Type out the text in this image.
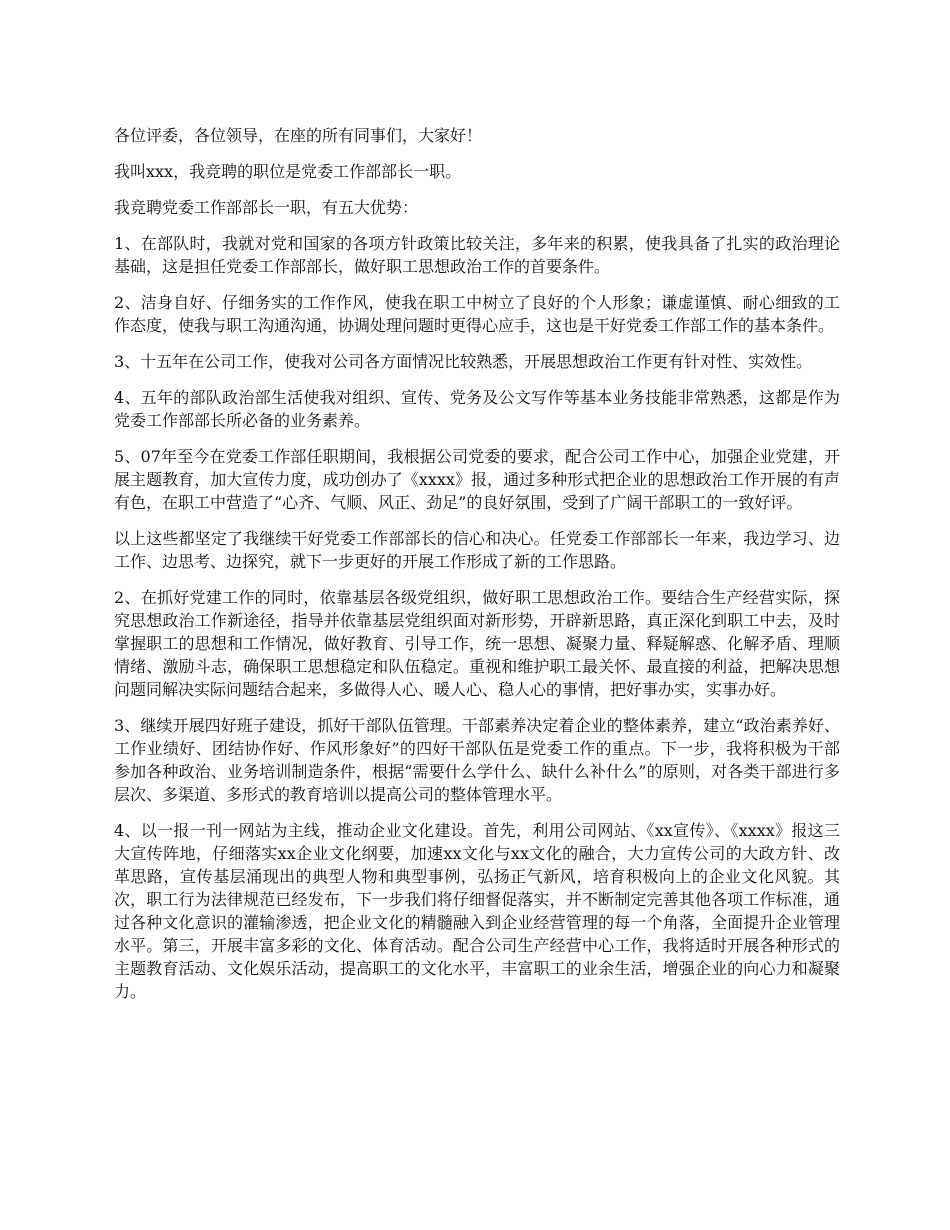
各位评委，各位领导，在座的所有同事们，大家好！

我叫xxx，我竞聘的职位是党委工作部部长一职。

我竞聘党委工作部部长一职，有五大优势：

1、在部队时，我就对党和国家的各项方针政策比较关注，多年来的积累，使我具备了扎实的政治理论基础，这是担任党委工作部部长，做好职工思想政治工作的首要条件。

2、洁身自好、仔细务实的工作作风，使我在职工中树立了良好的个人形象；谦虚谨慎、耐心细致的工作态度，使我与职工沟通沟通，协调处理问题时更得心应手，这也是干好党委工作部工作的基本条件。

3、十五年在公司工作，使我对公司各方面情况比较熟悉，开展思想政治工作更有针对性、实效性。

4、五年的部队政治部生活使我对组织、宣传、党务及公文写作等基本业务技能非常熟悉，这都是作为党委工作部部长所必备的业务素养。

5、07年至今在党委工作部任职期间，我根据公司党委的要求，配合公司工作中心，加强企业党建，开展主题教育，加大宣传力度，成功创办了《xxxx》报，通过多种形式把企业的思想政治工作开展的有声有色，在职工中营造了“心齐、气顺、风正、劲足”的良好氛围，受到了广阔干部职工的一致好评。

以上这些都坚定了我继续干好党委工作部部长的信心和决心。任党委工作部部长一年来，我边学习、边工作、边思考、边探究，就下一步更好的开展工作形成了新的工作思路。

2、在抓好党建工作的同时，依靠基层各级党组织，做好职工思想政治工作。要结合生产经营实际，探究思想政治工作新途径，指导并依靠基层党组织面对新形势，开辟新思路，真正深化到职工中去，及时掌握职工的思想和工作情况，做好教育、引导工作，统一思想、凝聚力量、释疑解惑、化解矛盾、理顺情绪、激励斗志，确保职工思想稳定和队伍稳定。重视和维护职工最关怀、最直接的利益，把解决思想问题同解决实际问题结合起来，多做得人心、暖人心、稳人心的事情，把好事办实，实事办好。

3、继续开展四好班子建设，抓好干部队伍管理。干部素养决定着企业的整体素养，建立“政治素养好、工作业绩好、团结协作好、作风形象好”的四好干部队伍是党委工作的重点。下一步，我将积极为干部参加各种政治、业务培训制造条件，根据“需要什么学什么、缺什么补什么”的原则，对各类干部进行多层次、多渠道、多形式的教育培训以提高公司的整体管理水平。

4、以一报一刊一网站为主线，推动企业文化建设。首先，利用公司网站、《xx宣传》、《xxxx》报这三大宣传阵地，仔细落实xx企业文化纲要，加速xx文化与xx文化的融合，大力宣传公司的大政方针、改革思路，宣传基层涌现出的典型人物和典型事例，弘扬正气新风，培育积极向上的企业文化风貌。其次，职工行为法律规范已经发布，下一步我们将仔细督促落实，并不断制定完善其他各项工作标准，通过各种文化意识的灌输渗透，把企业文化的精髓融入到企业经营管理的每一个角落，全面提升企业管理水平。第三，开展丰富多彩的文化、体育活动。配合公司生产经营中心工作，我将适时开展各种形式的主题教育活动、文化娱乐活动，提高职工的文化水平，丰富职工的业余生活，增强企业的向心力和凝聚力。
